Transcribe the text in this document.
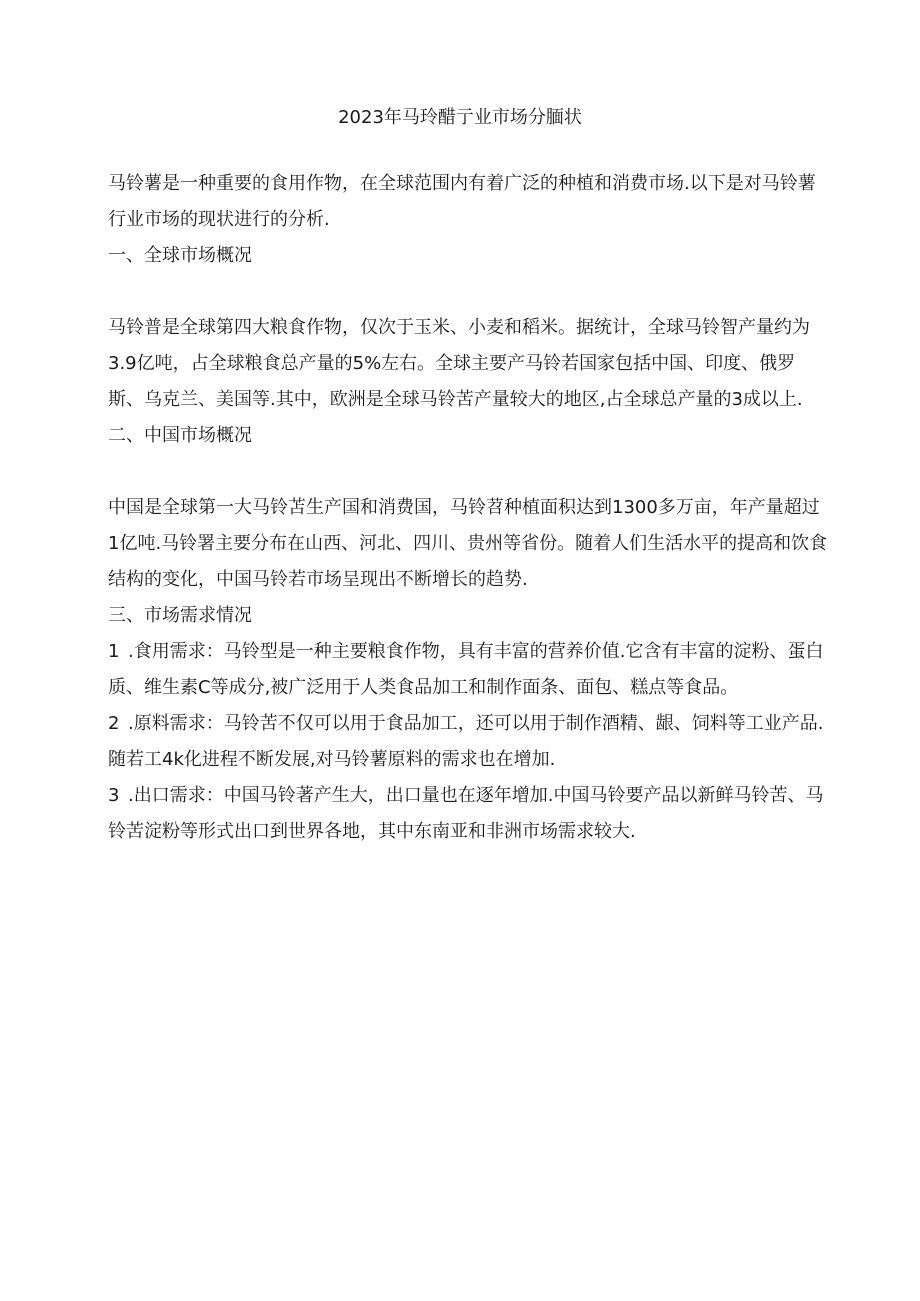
2023年马玲醋亍业市场分腼状

马铃薯是一种重要的食用作物，在全球范围内有着广泛的种植和消费市场.以下是对马铃薯行业市场的现状进行的分析.

一、全球市场概况

马铃普是全球第四大粮食作物，仅次于玉米、小麦和稻米。据统计，全球马铃智产量约为3.9亿吨，占全球粮食总产量的5%左右。全球主要产马铃若国家包括中国、印度、俄罗斯、乌克兰、美国等.其中，欧洲是全球马铃苦产量较大的地区,占全球总产量的3成以上.

二、中国市场概况

中国是全球第一大马铃苫生产国和消费国，马铃苕种植面积达到1300多万亩，年产量超过1亿吨.马铃署主要分布在山西、河北、四川、贵州等省份。随着人们生活水平的提高和饮食结构的变化，中国马铃若市场呈现出不断增长的趋势.

三、市场需求情况

1 .食用需求：马铃型是一种主要粮食作物，具有丰富的营养价值.它含有丰富的淀粉、蛋白质、维生素C等成分,被广泛用于人类食品加工和制作面条、面包、糕点等食品。

2 .原料需求：马铃苦不仅可以用于食品加工，还可以用于制作酒精、龈、饲料等工业产品.随若工4k化进程不断发展,对马铃薯原料的需求也在增加.

3 .出口需求：中国马铃著产生大，出口量也在逐年增加.中国马铃要产品以新鲜马铃苦、马铃苦淀粉等形式出口到世界各地，其中东南亚和非洲市场需求较大.
